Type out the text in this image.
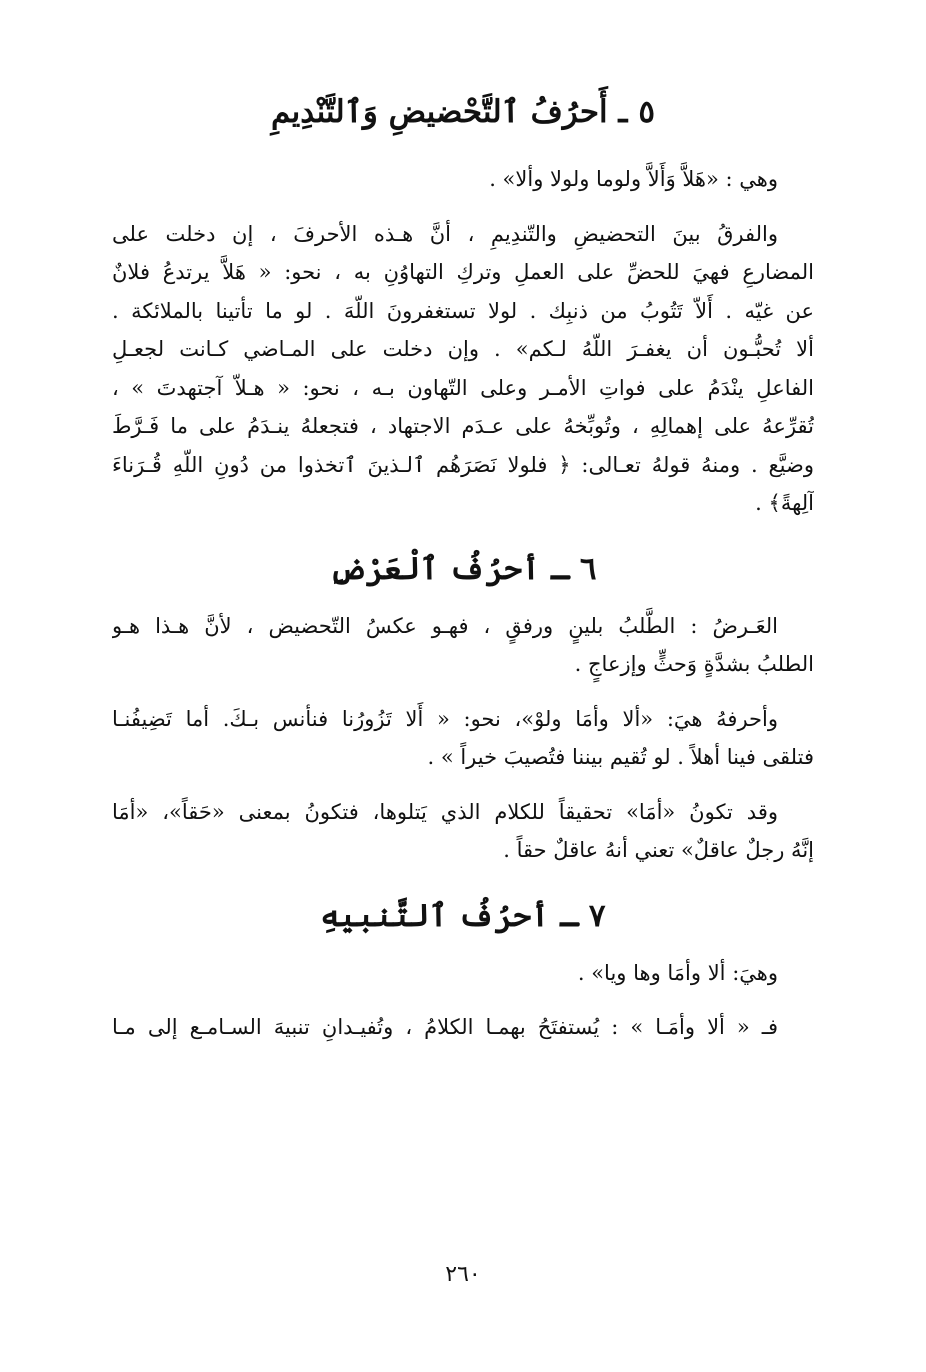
٥ ـ أَحرُفُ ٱلتَّحْضيضِ وَٱلتَّنْدِيمِ

وهي : «هَلاَّ وَأَلاَّ ولوما ولولا وألا» .

والفرقُ بينَ التحضيضِ والتّندِيمِ ، أنَّ هـذه الأحرفَ ، إن دخلت على
المضارعِ فهيَ للحضِّ على العملِ وتركِ التهاوُنِ به ، نحو: « هَلاَّ يرتدعُ فلانٌ
عن غيّه . أَلاّ تَتُوبُ من ذنبِك . لولا تستغفرونَ اللّهَ . لو ما تأتينا بالملائكة .
ألا تُحبُّـون أن يغفـرَ اللّهُ لـكم» . وإن دخلت على المـاضي كـانت لجعـلِ
الفاعلِ ينْدَمُ على فواتِ الأمـر وعلى التّهاون بـه ، نحو: « هـلاّ آجتهدتَ » ،
تُقرِّعهُ على إهمالِهِ ، وتُوبِّخهُ على عـدَم الاجتهاد ، فتجعلهُ ينـدَمُ على ما فَـرَّطَ
وضيَّع . ومنهُ قولهُ تعـالى: ﴿ فلولا نَصَرَهُم ٱلـذينَ ٱتخذوا من دُونِ اللّهِ قُـرَناءَ
آلِهةً﴾ .
٦ ـ أحرُفُ ٱلْعَرْضِ
العَـرضُ : الطَّلبُ بلينٍ ورفقٍ ، فهـو عكسُ التّحضيض ، لأنَّ هـذا هـو
الطلبُ بشدَّةٍ وَحثٍّ وإزعاجٍ .
وأحرفهُ هيَ: «ألا وأمَا ولوْ»، نحو: « أَلا تَزُورُنا فنأنس بـكَ. أما تَضِيفُنـا
فتلقى فينا أهلاً . لو تُقيم بيننا فتُصيبَ خيراً » .
وقد تكونُ «أمَا» تحقيقاً للكلام الذي يَتلوها، فتكونُ بمعنى «حَقاً»، «أمَا
إنَّهُ رجلٌ عاقلٌ» تعني أنهُ عاقلٌ حقاً .
٧ ـ أحرُفُ ٱلتَّنبيهِ

وهيَ: ألا وأمَا وها ويا» .

فـ « ألا وأمَـا » : يُستفتَحُ بهمـا الكلامُ ، وتُفيـدانِ تنبيهَ السـامـع إلى مـا
٢٦٠
